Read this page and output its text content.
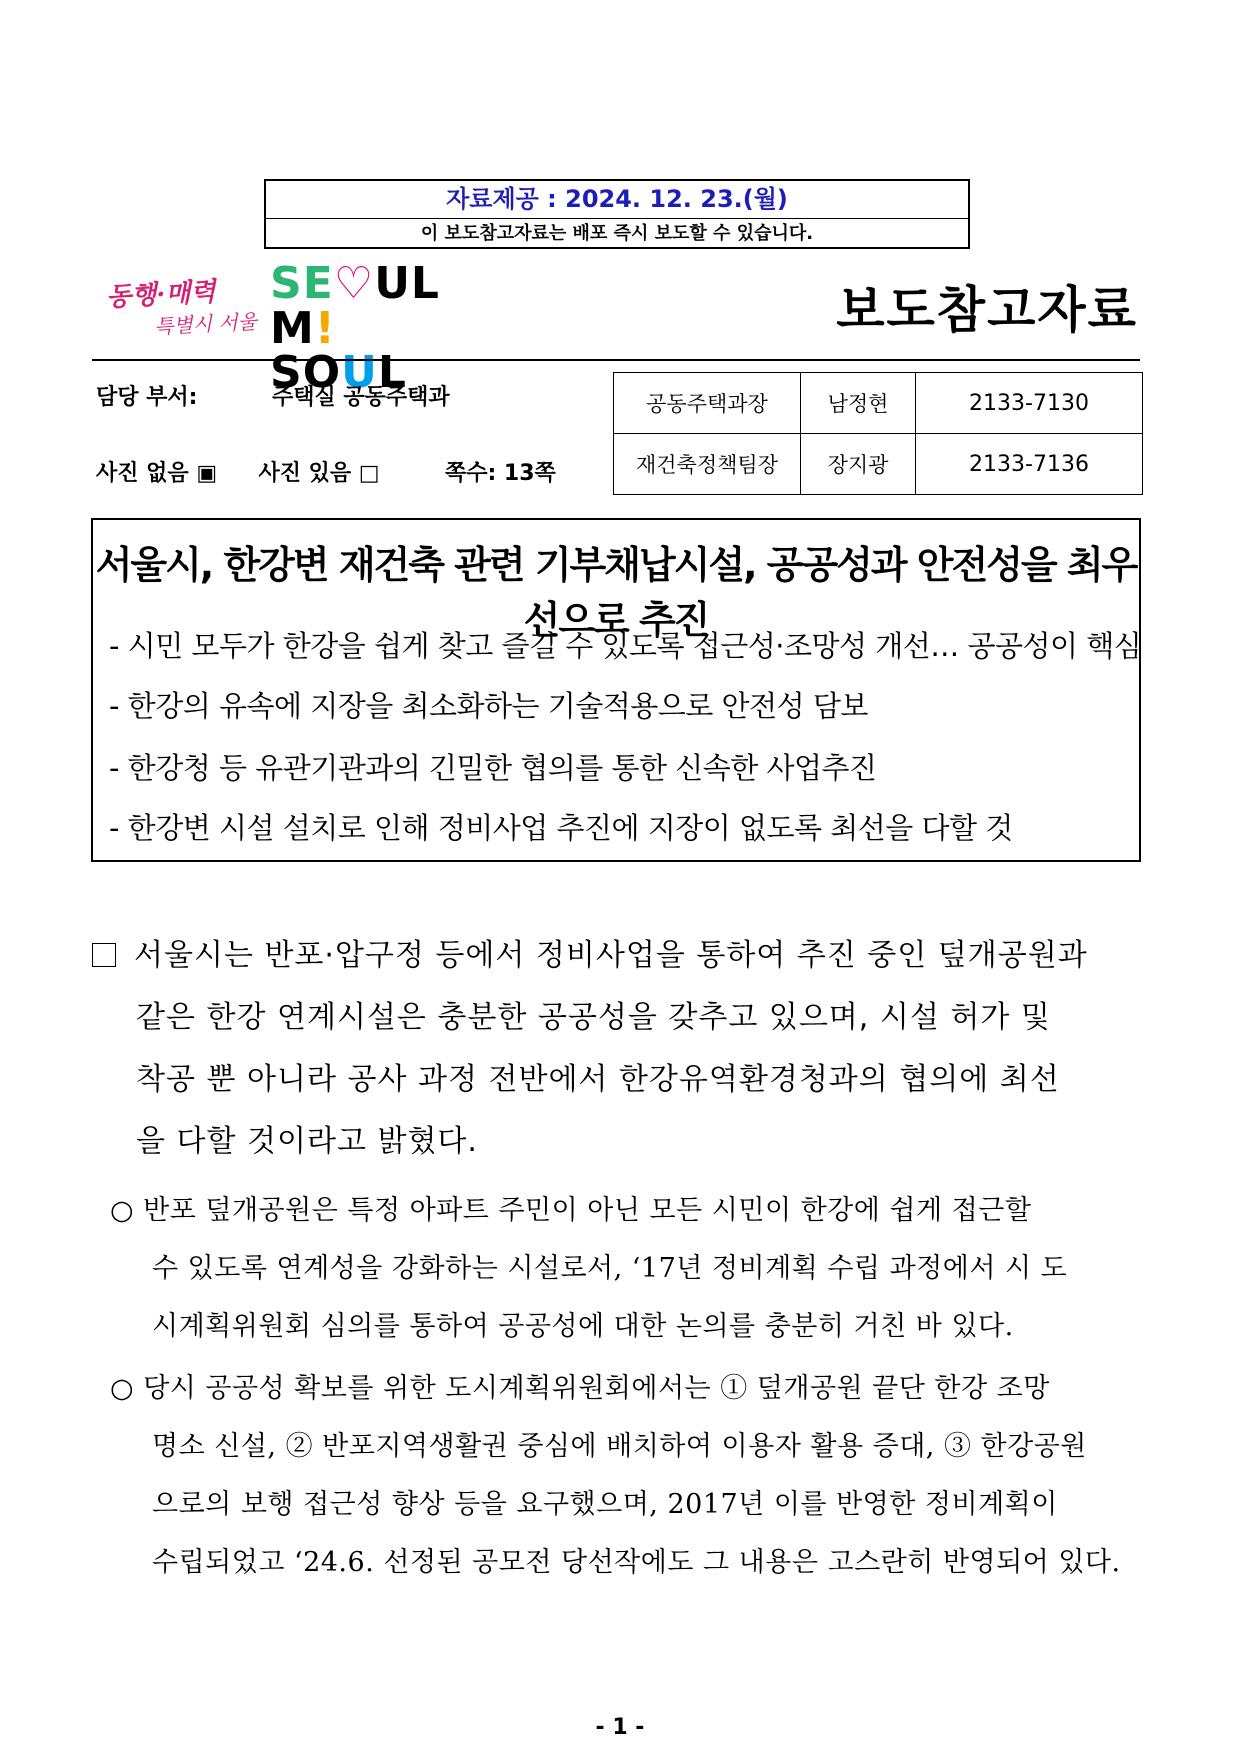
자료제공 : 2024. 12. 23.(월)
이 보도참고자료는 배포 즉시 보도할 수 있습니다.
동행·매력
특별시 서울
SE♡UL
M! SOUL
보도참고자료
담당 부서:	주택실 공동주택과
사진 없음 ▣ 사진 있음 □	쪽수: 13쪽
공동주택과장	남정현	2133-7130
재건축정책팀장	장지광	2133-7136
서울시, 한강변 재건축 관련 기부채납시설, 공공성과 안전성을 최우선으로 추진
- 시민 모두가 한강을 쉽게 찾고 즐길 수 있도록 접근성·조망성 개선… 공공성이 핵심
- 한강의 유속에 지장을 최소화하는 기술적용으로 안전성 담보
- 한강청 등 유관기관과의 긴밀한 협의를 통한 신속한 사업추진
- 한강변 시설 설치로 인해 정비사업 추진에 지장이 없도록 최선을 다할 것
서울시는 반포·압구정 등에서 정비사업을 통하여 추진 중인 덮개공원과
같은 한강 연계시설은 충분한 공공성을 갖추고 있으며, 시설 허가 및
착공 뿐 아니라 공사 과정 전반에서 한강유역환경청과의 협의에 최선
을 다할 것이라고 밝혔다.
○ 반포 덮개공원은 특정 아파트 주민이 아닌 모든 시민이 한강에 쉽게 접근할
수 있도록 연계성을 강화하는 시설로서, ‘17년 정비계획 수립 과정에서 시 도
시계획위원회 심의를 통하여 공공성에 대한 논의를 충분히 거친 바 있다.
○ 당시 공공성 확보를 위한 도시계획위원회에서는 ① 덮개공원 끝단 한강 조망
명소 신설, ② 반포지역생활권 중심에 배치하여 이용자 활용 증대, ③ 한강공원
으로의 보행 접근성 향상 등을 요구했으며, 2017년 이를 반영한 정비계획이
수립되었고 ‘24.6. 선정된 공모전 당선작에도 그 내용은 고스란히 반영되어 있다.
- 1 -
